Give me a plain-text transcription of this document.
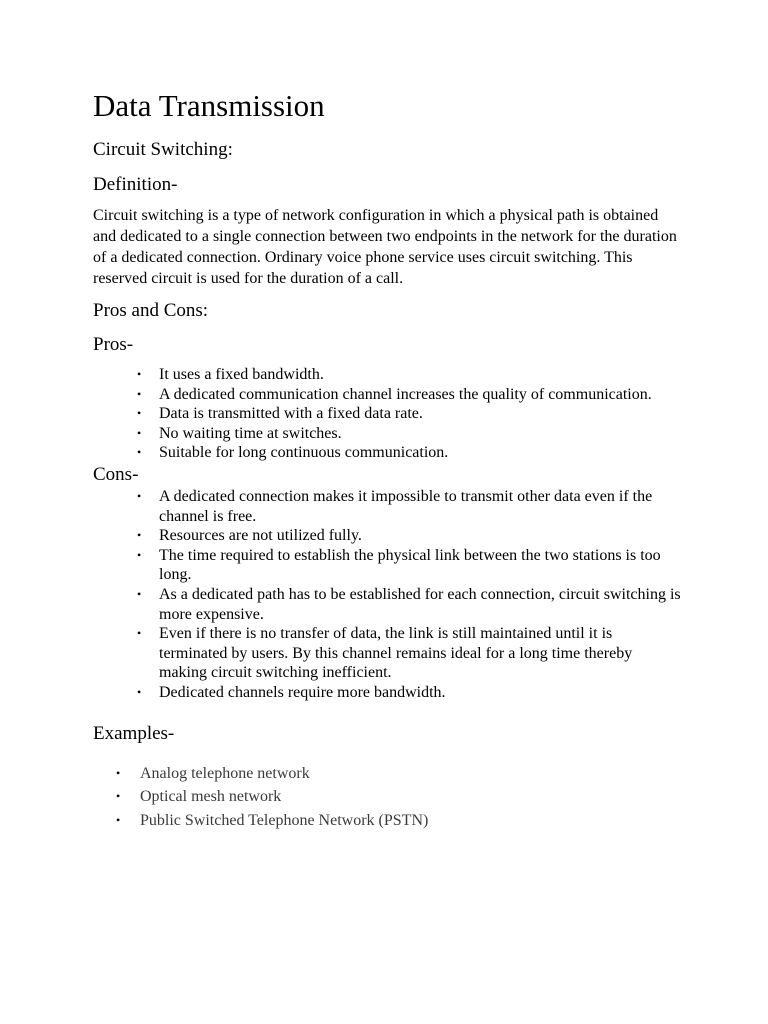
Data Transmission
Circuit Switching:
Definition-

Circuit switching is a type of network configuration in which a physical path is obtained and dedicated to a single connection between two endpoints in the network for the duration of a dedicated connection. Ordinary voice phone service uses circuit switching. This reserved circuit is used for the duration of a call.

Pros and Cons:
Pros-
• It uses a fixed bandwidth.
• A dedicated communication channel increases the quality of communication.
• Data is transmitted with a fixed data rate.
• No waiting time at switches.
• Suitable for long continuous communication.
Cons-
• A dedicated connection makes it impossible to transmit other data even if the channel is free.
• Resources are not utilized fully.
• The time required to establish the physical link between the two stations is too long.
• As a dedicated path has to be established for each connection, circuit switching is more expensive.
• Even if there is no transfer of data, the link is still maintained until it is terminated by users. By this channel remains ideal for a long time thereby making circuit switching inefficient.
• Dedicated channels require more bandwidth.
Examples-
• Analog telephone network
• Optical mesh network
• Public Switched Telephone Network (PSTN)
